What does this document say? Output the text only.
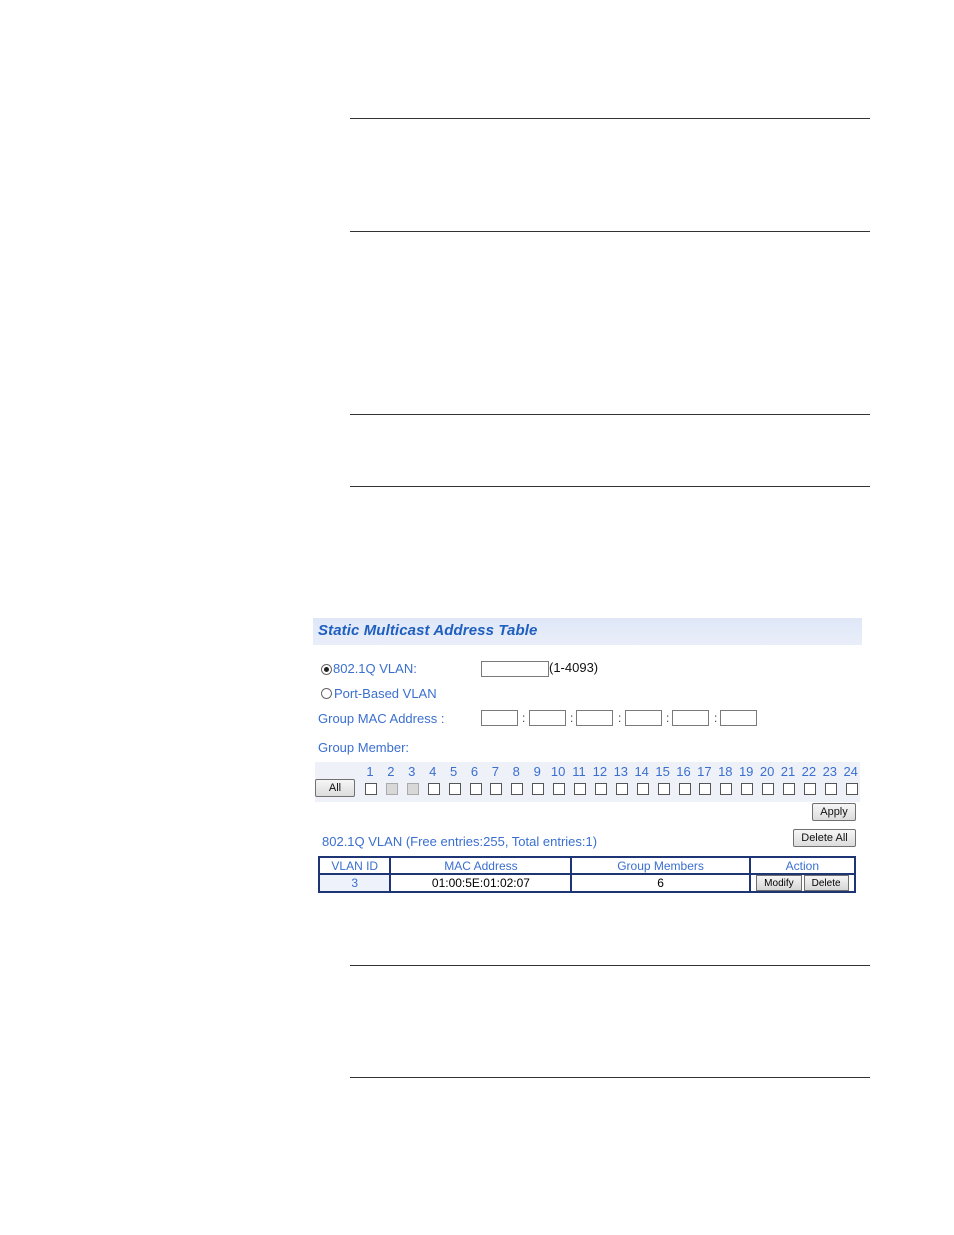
Static Multicast Address Table
802.1Q VLAN:	(1-4093)
Port-Based VLAN
Group MAC Address :	:	:	:	:	:
Group Member:
All
1	2	3	4	5	6	7	8	9 10 11 12 13 14 15 16 17 18 19 20 21 22 23 24
Apply
Delete All
802.1Q VLAN (Free entries:255, Total entries:1)
VLAN ID	MAC Address	Group Members	Action
3	01:00:5E:01:02:07	6	Modify Delete
